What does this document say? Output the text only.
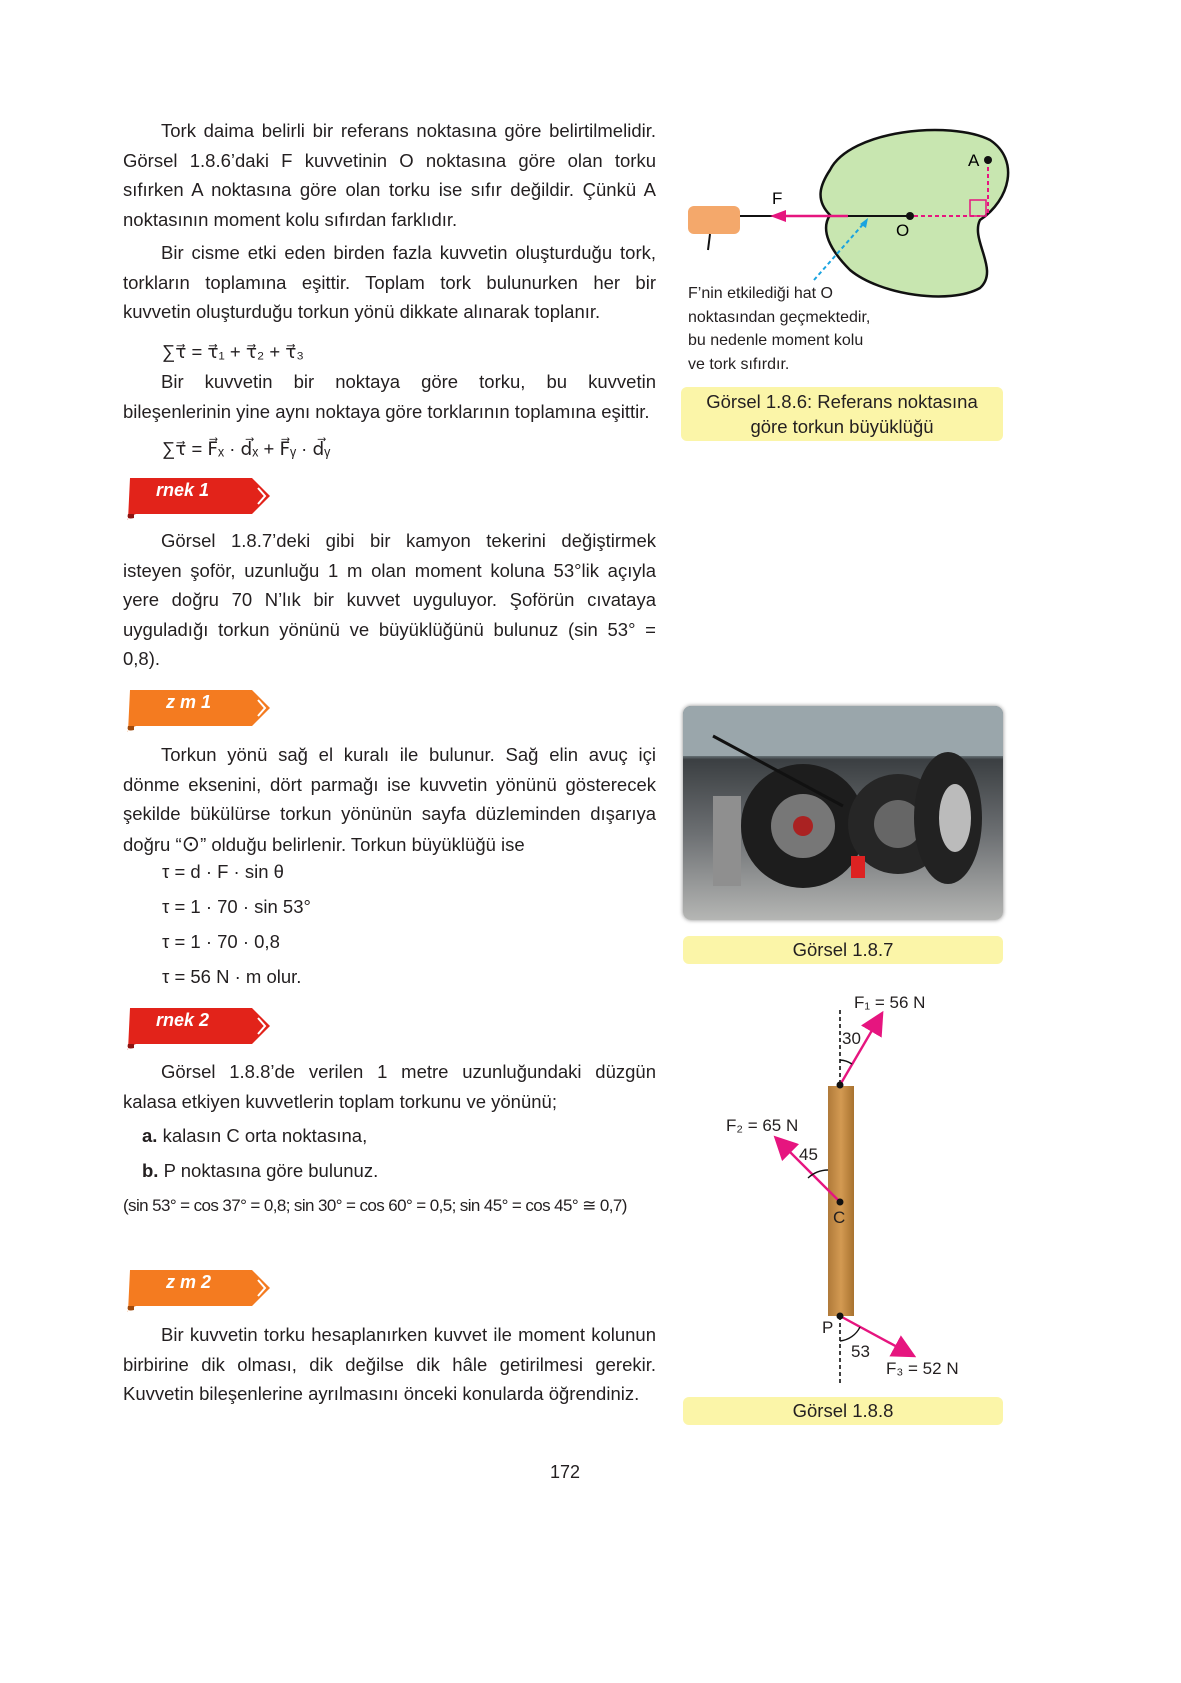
Tork daima belirli bir referans noktasına göre belirtilmelidir. Görsel 1.8.6’daki F kuvvetinin O noktasına göre olan torku sıfırken A noktasına göre olan torku ise sıfır değildir. Çünkü A noktasının moment kolu sıfırdan farklıdır.
Bir cisme etki eden birden fazla kuvvetin oluşturduğu tork, torkların toplamına eşittir. Toplam tork bulunurken her bir kuvvetin oluşturduğu torkun yönü dikkate alınarak toplanır.
∑τ⃗ = τ⃗₁ + τ⃗₂ + τ⃗₃
Bir kuvvetin bir noktaya göre torku, bu kuvvetin bileşenlerinin yine aynı noktaya göre torklarının toplamına eşittir.
∑τ⃗ = F⃗ₓ · d⃗ₓ + F⃗ᵧ · d⃗ᵧ
rnek 1
Görsel 1.8.7’deki gibi bir kamyon tekerini değiştirmek isteyen şoför, uzunluğu 1 m olan moment koluna 53°lik açıyla yere doğru 70 N’lık bir kuvvet uyguluyor. Şoförün cıvataya uyguladığı torkun yönünü ve büyüklüğünü bulunuz (sin 53° = 0,8).
z m 1
Torkun yönü sağ el kuralı ile bulunur. Sağ elin avuç içi dönme eksenini, dört parmağı ise kuvvetin yönünü gösterecek şekilde bükülürse torkun yönünün sayfa düzleminden dışarıya doğru “⊙” olduğu belirlenir. Torkun büyüklüğü ise
τ = d · F · sin θ
τ = 1 · 70 · sin 53°
τ = 1 · 70 · 0,8
τ = 56 N · m olur.
rnek 2
Görsel 1.8.8’de verilen 1 metre uzunluğundaki düzgün kalasa etkiyen kuvvetlerin toplam torkunu ve yönünü;
a. kalasın C orta noktasına,
b. P noktasına göre bulunuz.
(sin 53° = cos 37° = 0,8; sin 30° = cos 60° = 0,5; sin 45° = cos 45° ≅ 0,7)
z m 2
Bir kuvvetin torku hesaplanırken kuvvet ile moment kolunun birbirine dik olması, dik değilse dik hâle getirilmesi gerekir. Kuvvetin bileşenlerine ayrılmasını önceki konularda öğrendiniz.
F
O
A
F’nin etkilediği hat O
noktasından geçmektedir,
bu nedenle moment kolu
ve tork sıfırdır.
Görsel 1.8.6: Referans noktasına
göre torkun büyüklüğü
Görsel 1.8.7
F₁ = 56 N
F₂ = 65 N
F₃ = 52 N
30
45
53
C
P
Görsel 1.8.8
172
